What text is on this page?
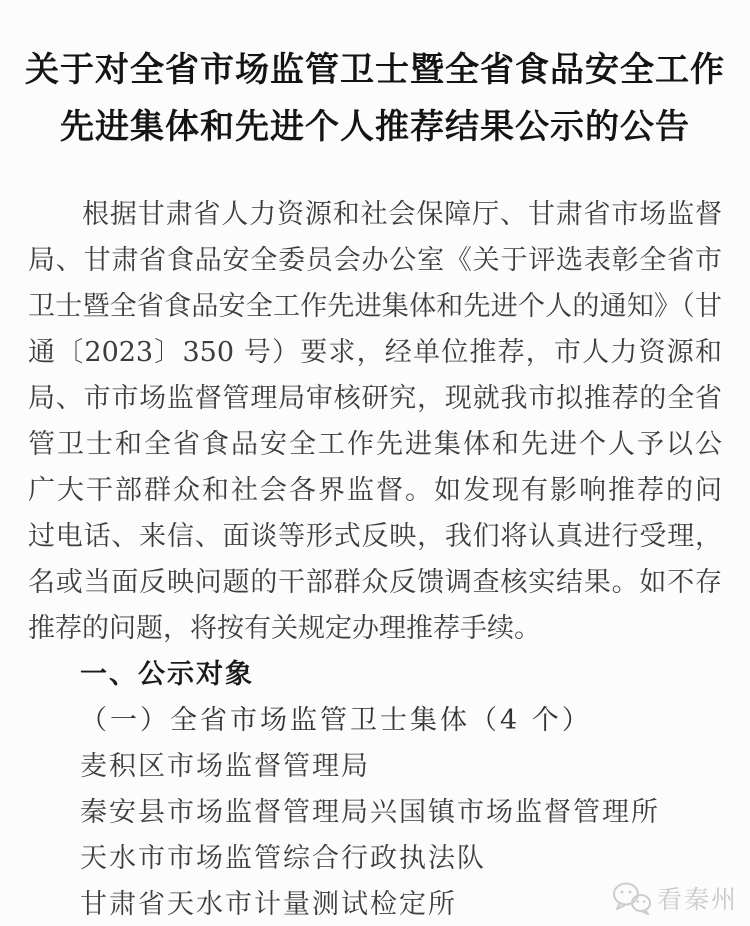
关于对全省市场监管卫士暨全省食品安全工作
先进集体和先进个人推荐结果公示的公告
根据甘肃省人力资源和社会保障厅、甘肃省市场监督
局、甘肃省食品安全委员会办公室《关于评选表彰全省市
卫士暨全省食品安全工作先进集体和先进个人的通知》（甘
通〔2023〕350 号）要求，经单位推荐，市人力资源和
局、市市场监督管理局审核研究，现就我市拟推荐的全省
管卫士和全省食品安全工作先进集体和先进个人予以公
广大干部群众和社会各界监督。如发现有影响推荐的问
过电话、来信、面谈等形式反映，我们将认真进行受理，
名或当面反映问题的干部群众反馈调查核实结果。如不存
推荐的问题，将按有关规定办理推荐手续。
一、公示对象
（一）全省市场监管卫士集体（4 个）
麦积区市场监督管理局
秦安县市场监督管理局兴国镇市场监督管理所
天水市市场监管综合行政执法队
甘肃省天水市计量测试检定所	看秦州
